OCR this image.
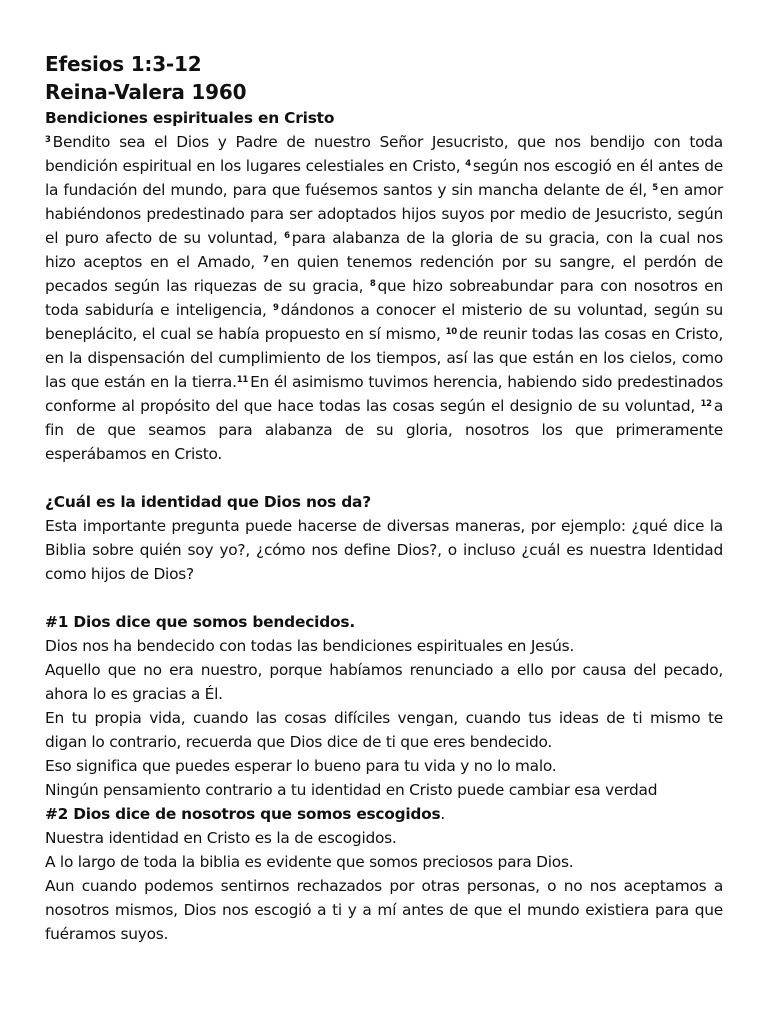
Efesios 1:3-12
Reina-Valera 1960
Bendiciones espirituales en Cristo

$^3$ Bendito sea el Dios y Padre de nuestro Señor Jesucristo, que nos bendijo con toda bendición espiritual en los lugares celestiales en Cristo, $^4$ según nos escogió en él antes de la fundación del mundo, para que fuésemos santos y sin mancha delante de él, $^5$ en amor habiéndonos predestinado para ser adoptados hijos suyos por medio de Jesucristo, según el puro afecto de su voluntad, $^6$ para alabanza de la gloria de su gracia, con la cual nos hizo aceptos en el Amado, $^7$ en quien tenemos redención por su sangre, el perdón de pecados según las riquezas de su gracia, $^8$ que hizo sobreabundar para con nosotros en toda sabiduría e inteligencia, $^9$ dándonos a conocer el misterio de su voluntad, según su beneplácito, el cual se había propuesto en sí mismo, $^{10}$ de reunir todas las cosas en Cristo, en la dispensación del cumplimiento de los tiempos, así las que están en los cielos, como las que están en la tierra.$^{11}$ En él asimismo tuvimos herencia, habiendo sido predestinados conforme al propósito del que hace todas las cosas según el designio de su voluntad, $^{12}$ a fin de que seamos para alabanza de su gloria, nosotros los que primeramente esperábamos en Cristo.

¿Cuál es la identidad que Dios nos da?

Esta importante pregunta puede hacerse de diversas maneras, por ejemplo: ¿qué dice la Biblia sobre quién soy yo?, ¿cómo nos define Dios?, o incluso ¿cuál es nuestra Identidad como hijos de Dios?

#1 Dios dice que somos bendecidos.

Dios nos ha bendecido con todas las bendiciones espirituales en Jesús.

Aquello que no era nuestro, porque habíamos renunciado a ello por causa del pecado, ahora lo es gracias a Él.

En tu propia vida, cuando las cosas difíciles vengan, cuando tus ideas de ti mismo te digan lo contrario, recuerda que Dios dice de ti que eres bendecido.

Eso significa que puedes esperar lo bueno para tu vida y no lo malo.

Ningún pensamiento contrario a tu identidad en Cristo puede cambiar esa verdad

#2 Dios dice de nosotros que somos escogidos.

Nuestra identidad en Cristo es la de escogidos.

A lo largo de toda la biblia es evidente que somos preciosos para Dios.

Aun cuando podemos sentirnos rechazados por otras personas, o no nos aceptamos a nosotros mismos, Dios nos escogió a ti y a mí antes de que el mundo existiera para que fuéramos suyos.
